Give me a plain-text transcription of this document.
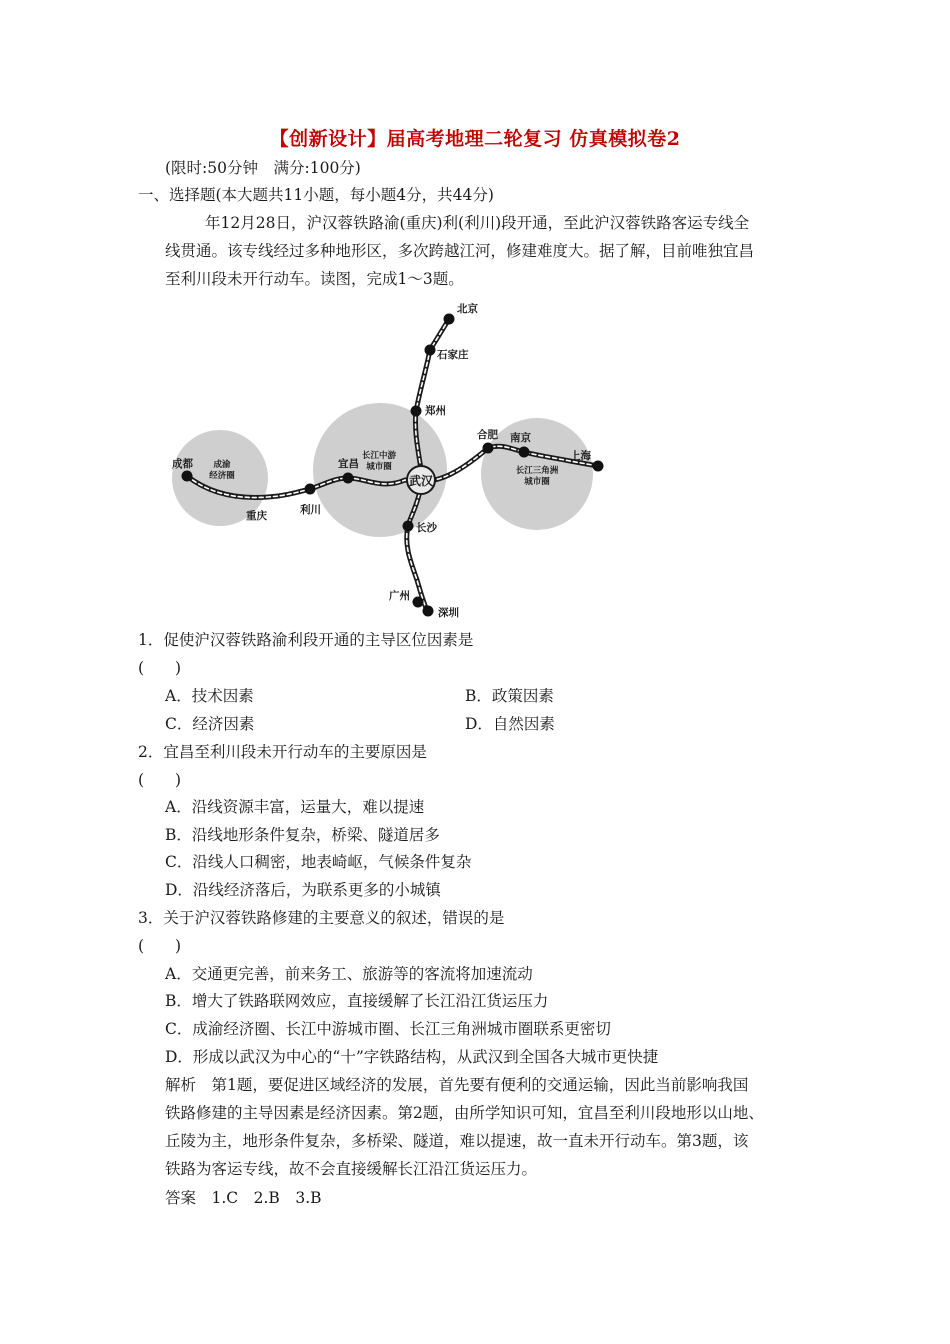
【创新设计】届高考地理二轮复习 仿真模拟卷2
(限时:50分钟　满分:100分)
一、选择题(本大题共11小题，每小题4分，共44分)
年12月28日，沪汉蓉铁路渝(重庆)利(利川)段开通，至此沪汉蓉铁路客运专线全
线贯通。该专线经过多种地形区，多次跨越江河，修建难度大。据了解，目前唯独宜昌
至利川段未开行动车。读图，完成1～3题。
北京
石家庄
郑州
成都
重庆	利川
宜昌
武汉
合肥 南京
上海
长沙
广州
深圳
成渝
经济圈
长江中游
城市圈	长江三角洲
城市圈
1．促使沪汉蓉铁路渝利段开通的主导区位因素是
(　　)
A．技术因素	B．政策因素
C．经济因素	D．自然因素
2．宜昌至利川段未开行动车的主要原因是
(　　)
A．沿线资源丰富，运量大，难以提速
B．沿线地形条件复杂，桥梁、隧道居多
C．沿线人口稠密，地表崎岖，气候条件复杂
D．沿线经济落后，为联系更多的小城镇
3．关于沪汉蓉铁路修建的主要意义的叙述，错误的是
(　　)
A．交通更完善，前来务工、旅游等的客流将加速流动
B．增大了铁路联网效应，直接缓解了长江沿江货运压力
C．成渝经济圈、长江中游城市圈、长江三角洲城市圈联系更密切
D．形成以武汉为中心的“十”字铁路结构，从武汉到全国各大城市更快捷
解析　第1题，要促进区域经济的发展，首先要有便利的交通运输，因此当前影响我国
铁路修建的主导因素是经济因素。第2题，由所学知识可知，宜昌至利川段地形以山地、
丘陵为主，地形条件复杂，多桥梁、隧道，难以提速，故一直未开行动车。第3题，该
铁路为客运专线，故不会直接缓解长江沿江货运压力。
答案　1.C　2.B　3.B
